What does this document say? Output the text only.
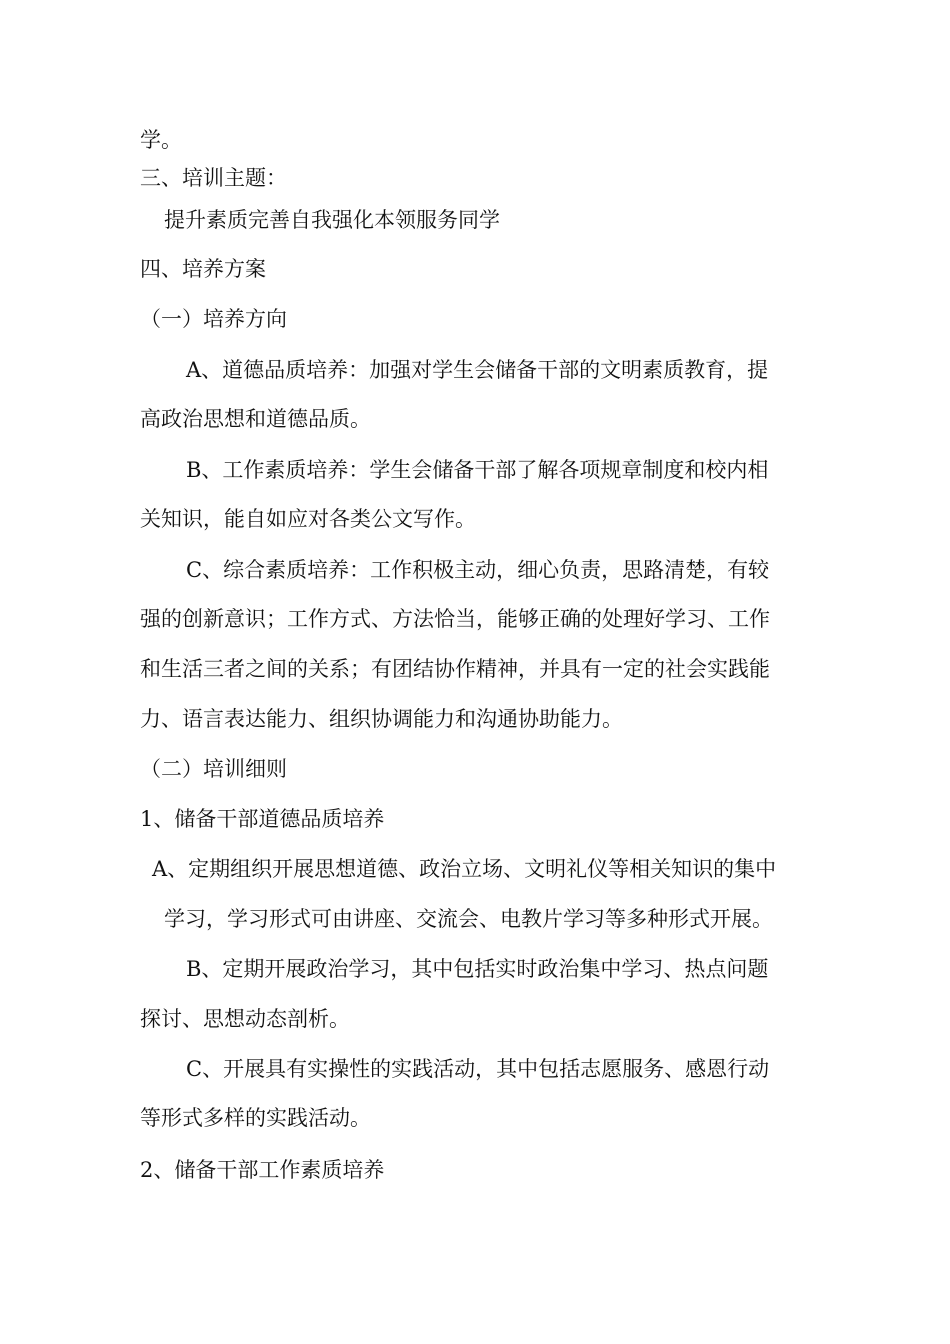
学。
三、培训主题：
提升素质完善自我强化本领服务同学
四、培养方案
（一）培养方向
A、道德品质培养：加强对学生会储备干部的文明素质教育，提
高政治思想和道德品质。
B、工作素质培养：学生会储备干部了解各项规章制度和校内相
关知识，能自如应对各类公文写作。
C、综合素质培养：工作积极主动，细心负责，思路清楚，有较
强的创新意识；工作方式、方法恰当，能够正确的处理好学习、工作
和生活三者之间的关系；有团结协作精神，并具有一定的社会实践能
力、语言表达能力、组织协调能力和沟通协助能力。
（二）培训细则
1、储备干部道德品质培养
A、定期组织开展思想道德、政治立场、文明礼仪等相关知识的集中
学习，学习形式可由讲座、交流会、电教片学习等多种形式开展。
B、定期开展政治学习，其中包括实时政治集中学习、热点问题
探讨、思想动态剖析。
C、开展具有实操性的实践活动，其中包括志愿服务、感恩行动
等形式多样的实践活动。
2、储备干部工作素质培养
